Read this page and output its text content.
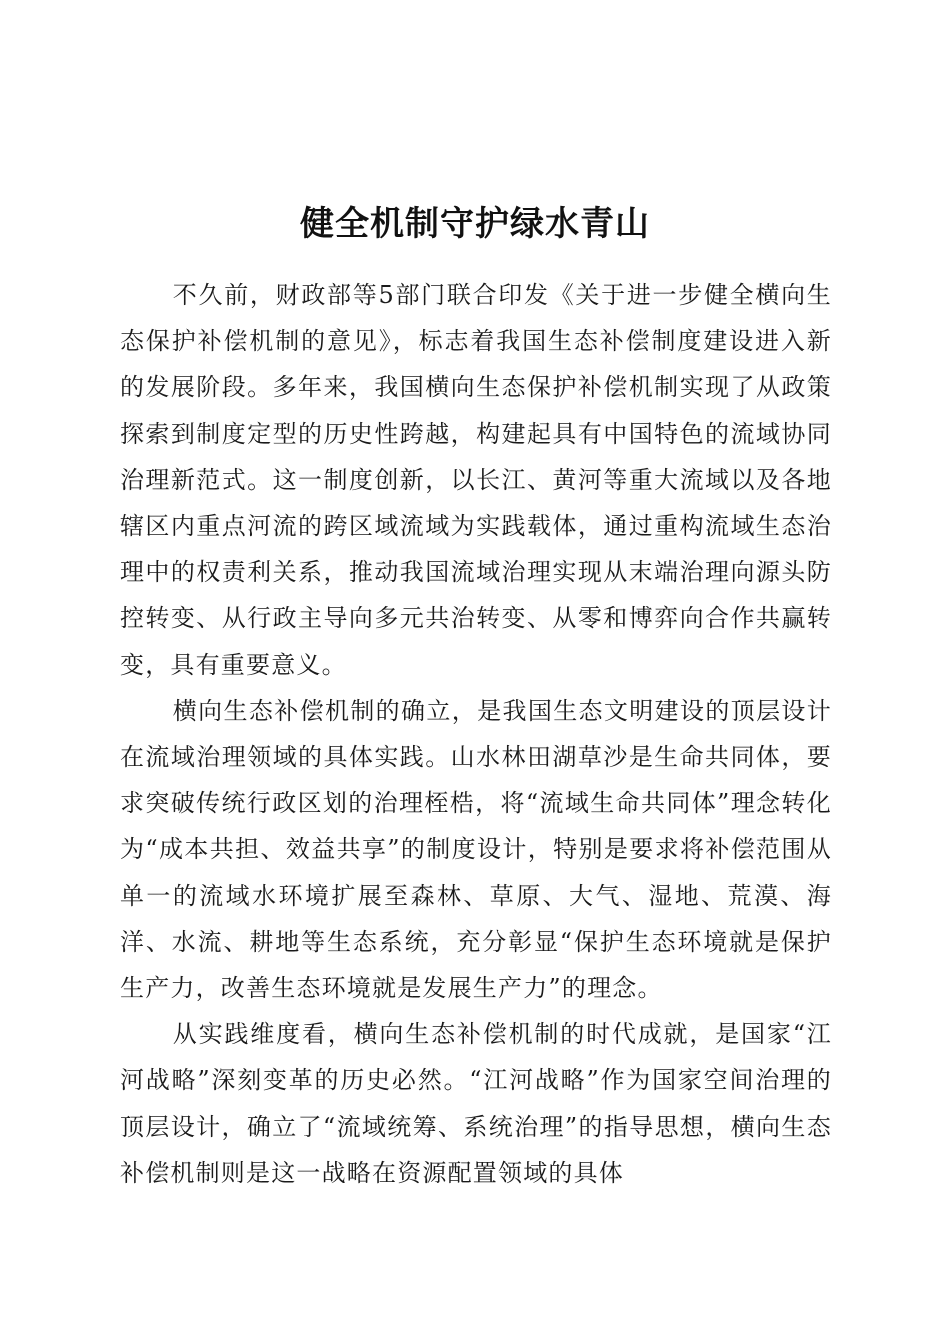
健全机制守护绿水青山

不久前，财政部等5部门联合印发《关于进一步健全横向生态保护补偿机制的意见》，标志着我国生态补偿制度建设进入新的发展阶段。多年来，我国横向生态保护补偿机制实现了从政策探索到制度定型的历史性跨越，构建起具有中国特色的流域协同治理新范式。这一制度创新，以长江、黄河等重大流域以及各地辖区内重点河流的跨区域流域为实践载体，通过重构流域生态治理中的权责利关系，推动我国流域治理实现从末端治理向源头防控转变、从行政主导向多元共治转变、从零和博弈向合作共赢转变，具有重要意义。

横向生态补偿机制的确立，是我国生态文明建设的顶层设计在流域治理领域的具体实践。山水林田湖草沙是生命共同体，要求突破传统行政区划的治理桎梏，将“流域生命共同体”理念转化为“成本共担、效益共享”的制度设计，特别是要求将补偿范围从单一的流域水环境扩展至森林、草原、大气、湿地、荒漠、海洋、水流、耕地等生态系统，充分彰显“保护生态环境就是保护生产力，改善生态环境就是发展生产力”的理念。

从实践维度看，横向生态补偿机制的时代成就，是国家“江河战略”深刻变革的历史必然。“江河战略”作为国家空间治理的顶层设计，确立了“流域统筹、系统治理”的指导思想，横向生态补偿机制则是这一战略在资源配置领域的具体
